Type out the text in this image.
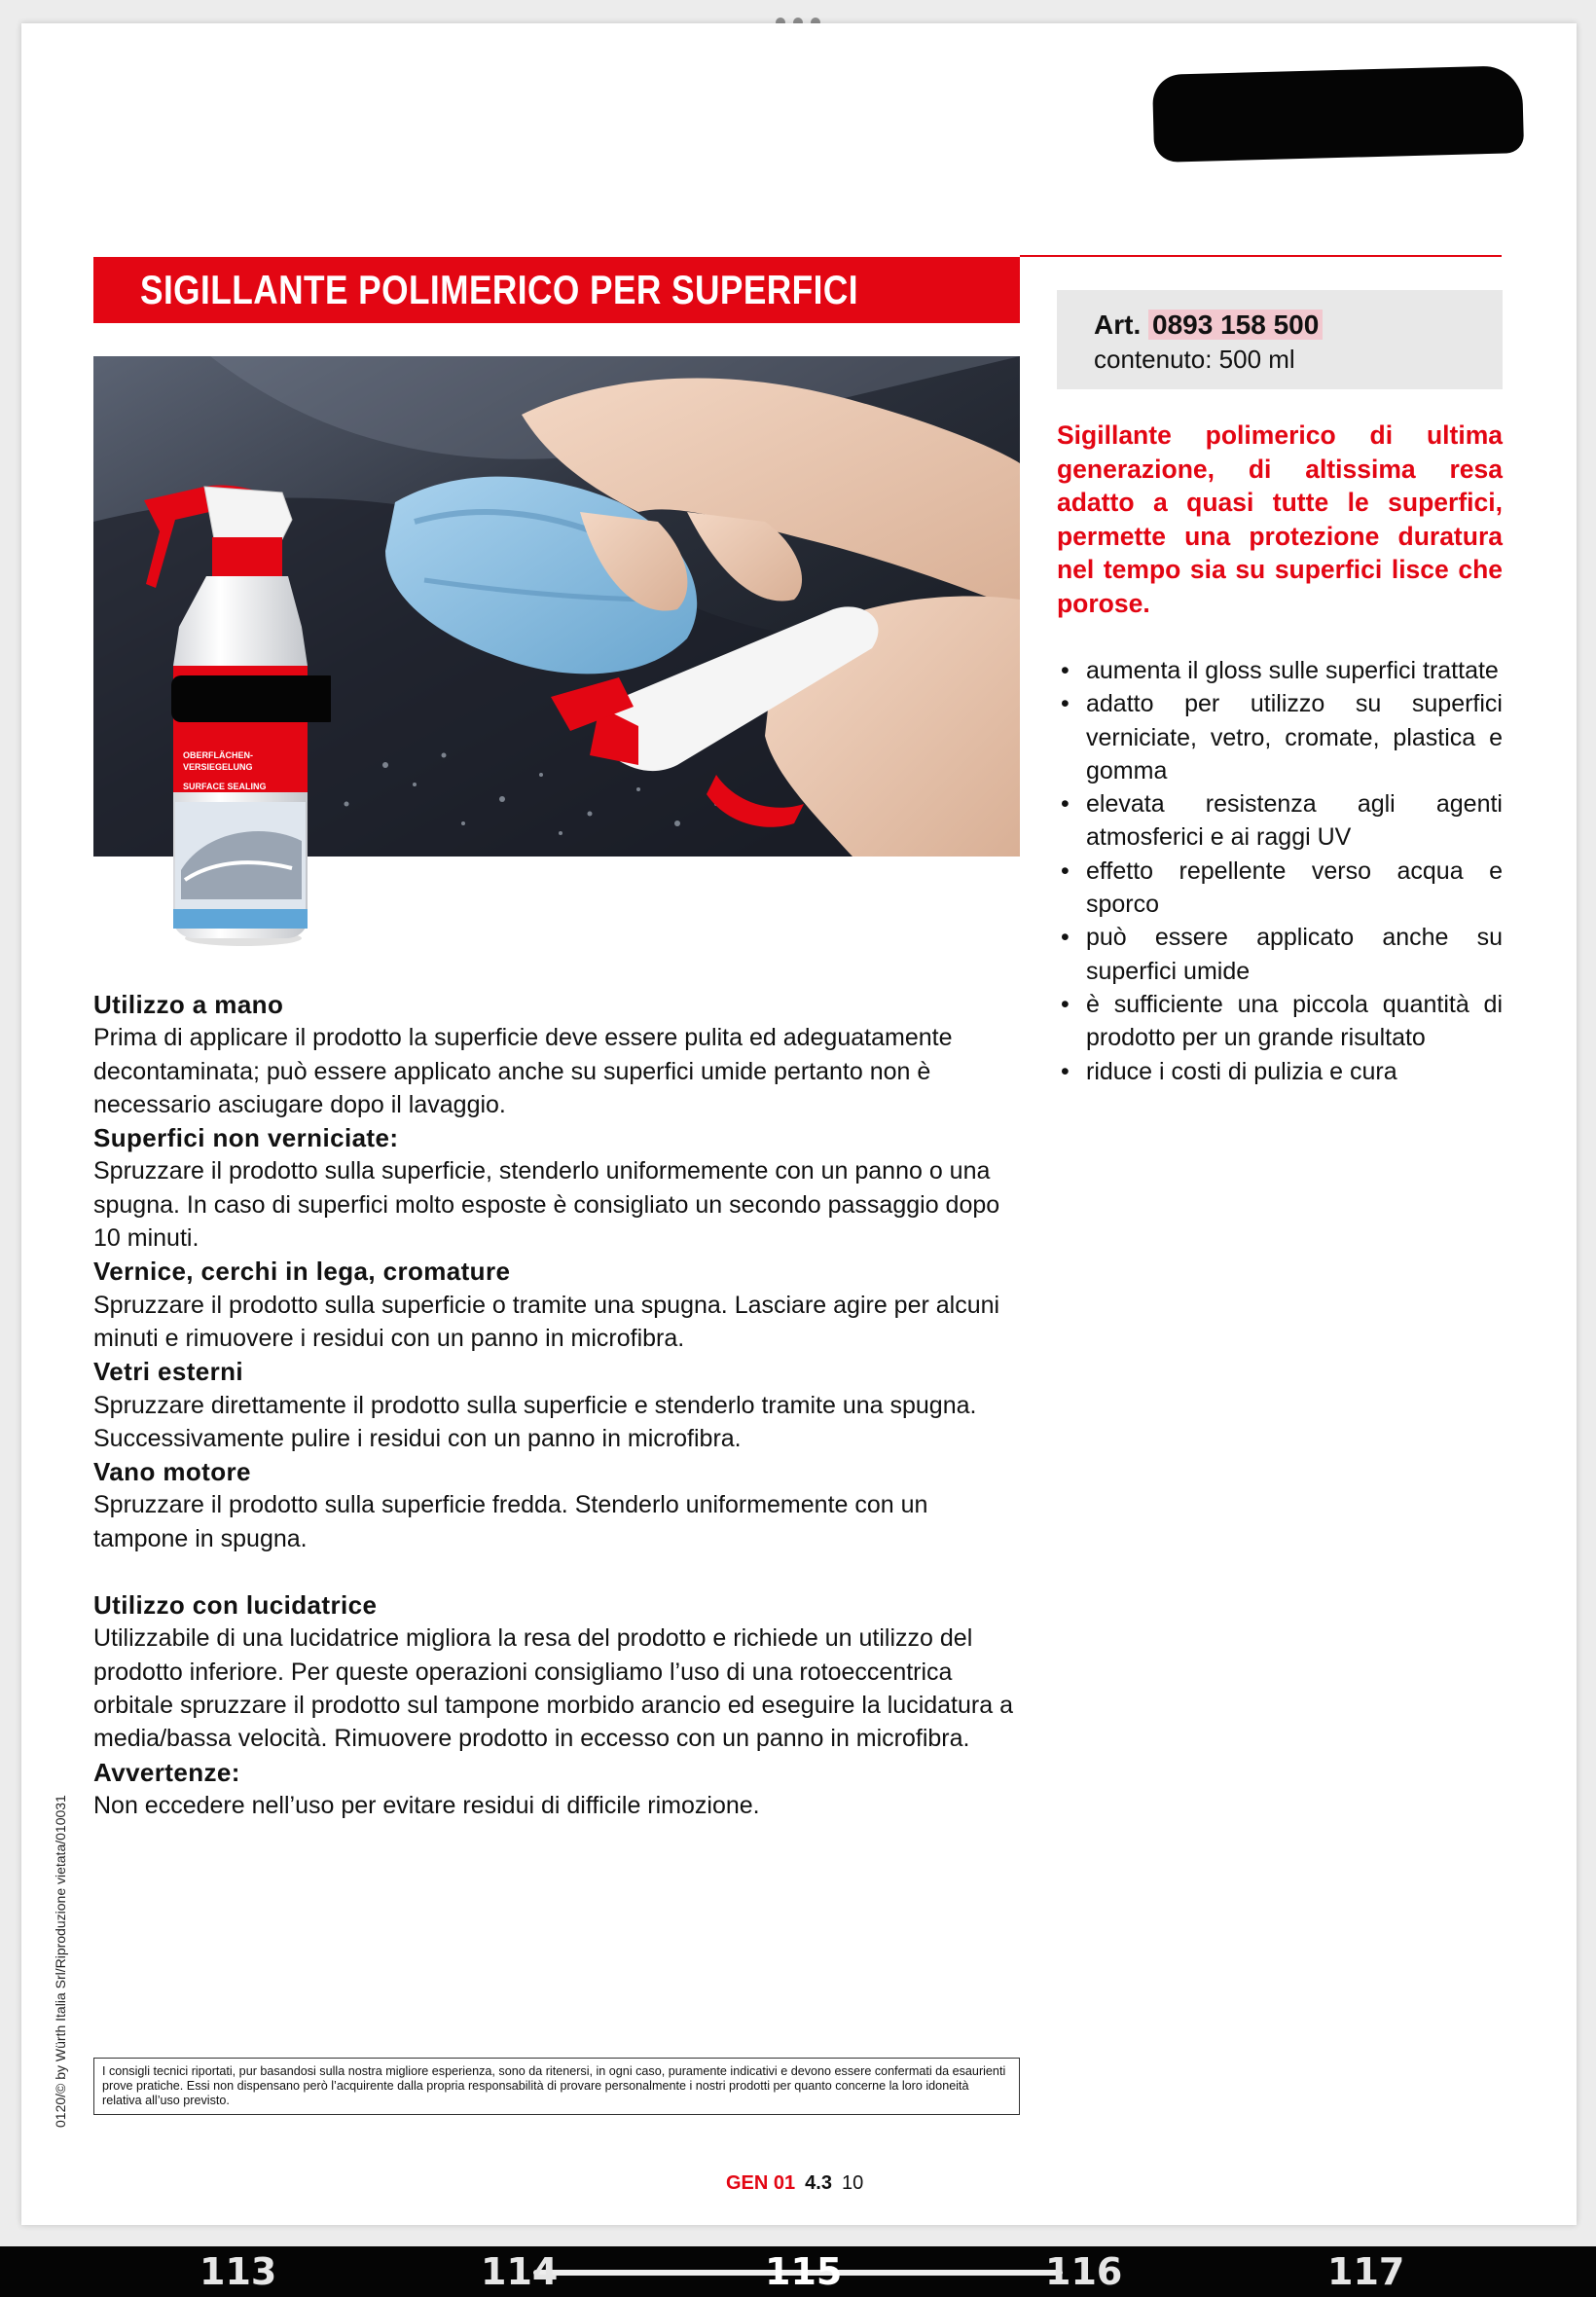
SIGILLANTE POLIMERICO PER SUPERFICI
Art. 0893 158 500
contenuto: 500 ml
Sigillante polimerico di ultima generazione, di altissima resa adatto a quasi tutte le superfici, permette una protezione duratura nel tempo sia su superfici lisce che porose.
• aumenta il gloss sulle superfici trattate
• adatto per utilizzo su superfici verniciate, vetro, cromate, plastica e gomma
• elevata resistenza agli agenti atmosferici e ai raggi UV
• effetto repellente verso acqua e sporco
• può essere applicato anche su superfici umide
• è sufficiente una piccola quantità di prodotto per un grande risultato
• riduce i costi di pulizia e cura
OBERFLÄCHEN-
VERSIEGELUNG
SURFACE SEALING
Utilizzo a mano

Prima di applicare il prodotto la superficie deve essere pulita ed adeguatamente decontaminata; può essere applicato anche su superfici umide pertanto non è necessario asciugare dopo il lavaggio.

Superfici non verniciate:

Spruzzare il prodotto sulla superficie, stenderlo uniformemente con un panno o una spugna. In caso di superfici molto esposte è consigliato un secondo passaggio dopo 10 minuti.

Vernice, cerchi in lega, cromature

Spruzzare il prodotto sulla superficie o tramite una spugna. Lasciare agire per alcuni minuti e rimuovere i residui con un panno in microfibra.

Vetri esterni

Spruzzare direttamente il prodotto sulla superficie e stenderlo tramite una spugna. Successivamente pulire i residui con un panno in microfibra.

Vano motore

Spruzzare il prodotto sulla superficie fredda. Stenderlo uniformemente con un tampone in spugna.

Utilizzo con lucidatrice

Utilizzabile di una lucidatrice migliora la resa del prodotto e richiede un utilizzo del prodotto inferiore. Per queste operazioni consigliamo l’uso di una rotoeccentrica orbitale spruzzare il prodotto sul tampone morbido arancio ed eseguire la lucidatura a media/bassa velocità. Rimuovere prodotto in eccesso con un panno in microfibra.

Avvertenze:

Non eccedere nell’uso per evitare residui di difficile rimozione.

0120/© by Würth Italia Srl/Riproduzione vietata/010031	I consigli tecnici riportati, pur basandosi sulla nostra migliore esperienza, sono da ritenersi, in ogni caso, puramente indicativi e devono essere confermati da esaurienti prove pratiche. Essi non dispensano però l’acquirente dalla propria responsabilità di provare personalmente i nostri prodotti per quanto concerne la loro idoneità relativa all’uso previsto.
GEN 01 4.3 10
113	114	115	116	117
